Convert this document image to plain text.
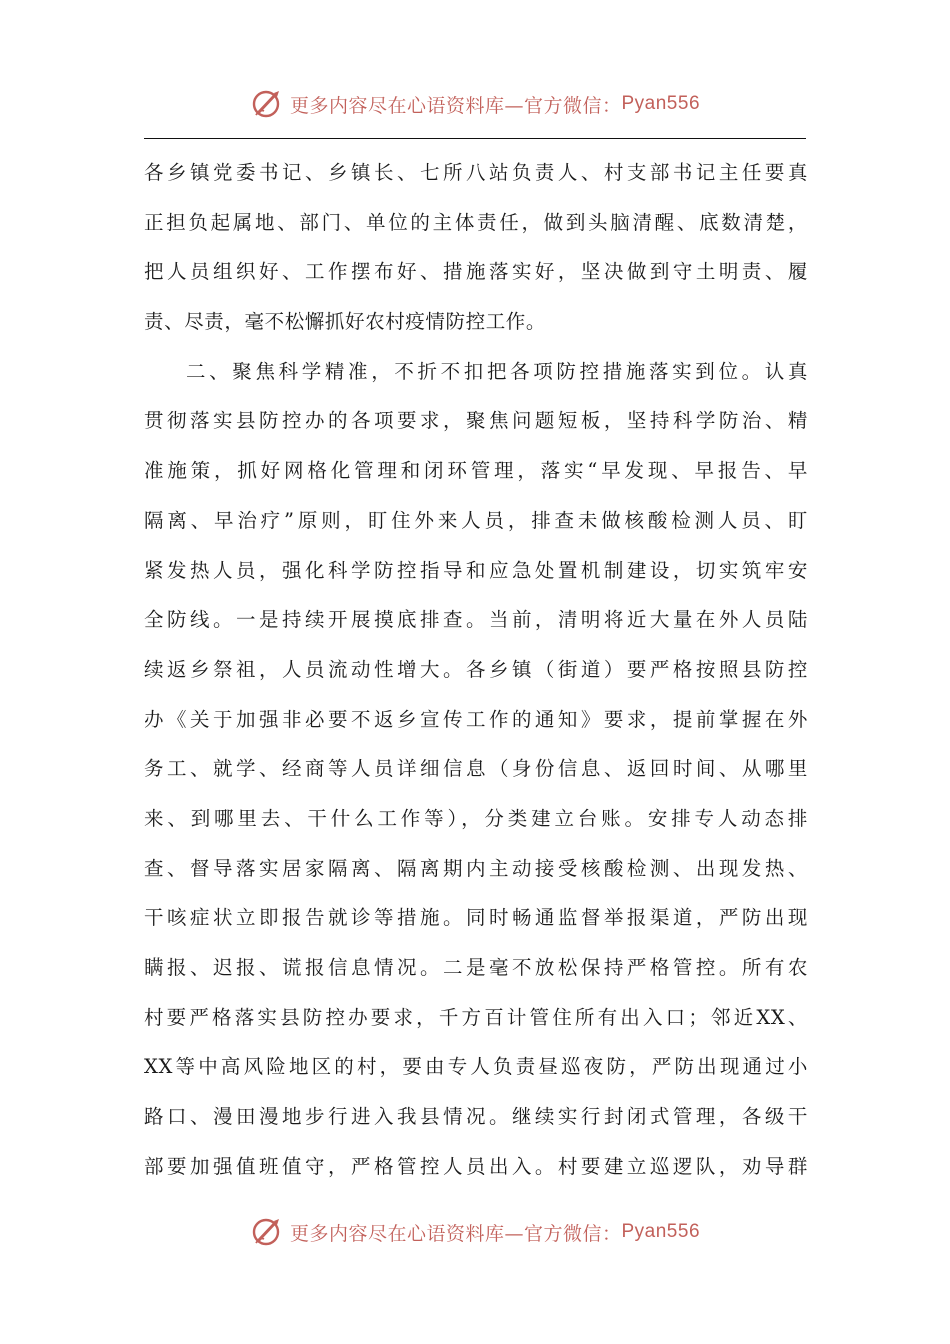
更多内容尽在心语资料库—官方微信： Pyan556
各乡镇党委书记、乡镇长、七所八站负责人、村支部书记主任要真
正担负起属地、部门、单位的主体责任，做到头脑清醒、底数清楚，
把人员组织好、工作摆布好、措施落实好，坚决做到守土明责、履
责、尽责，毫不松懈抓好农村疫情防控工作。
二、聚焦科学精准，不折不扣把各项防控措施落实到位。认真
贯彻落实县防控办的各项要求，聚焦问题短板，坚持科学防治、精
准施策，抓好网格化管理和闭环管理，落实“早发现、早报告、早
隔离、早治疗”原则，盯住外来人员，排查未做核酸检测人员、盯
紧发热人员，强化科学防控指导和应急处置机制建设，切实筑牢安
全防线。一是持续开展摸底排查。当前，清明将近大量在外人员陆
续返乡祭祖，人员流动性增大。各乡镇（街道）要严格按照县防控
办《关于加强非必要不返乡宣传工作的通知》要求，提前掌握在外
务工、就学、经商等人员详细信息（身份信息、返回时间、从哪里
来、到哪里去、干什么工作等），分类建立台账。安排专人动态排
查、督导落实居家隔离、隔离期内主动接受核酸检测、出现发热、
干咳症状立即报告就诊等措施。同时畅通监督举报渠道，严防出现
瞒报、迟报、谎报信息情况。二是毫不放松保持严格管控。所有农
村要严格落实县防控办要求，千方百计管住所有出入口；邻近XX、
XX等中高风险地区的村，要由专人负责昼巡夜防，严防出现通过小
路口、漫田漫地步行进入我县情况。继续实行封闭式管理，各级干
部要加强值班值守，严格管控人员出入。村要建立巡逻队，劝导群
更多内容尽在心语资料库—官方微信： Pyan556
